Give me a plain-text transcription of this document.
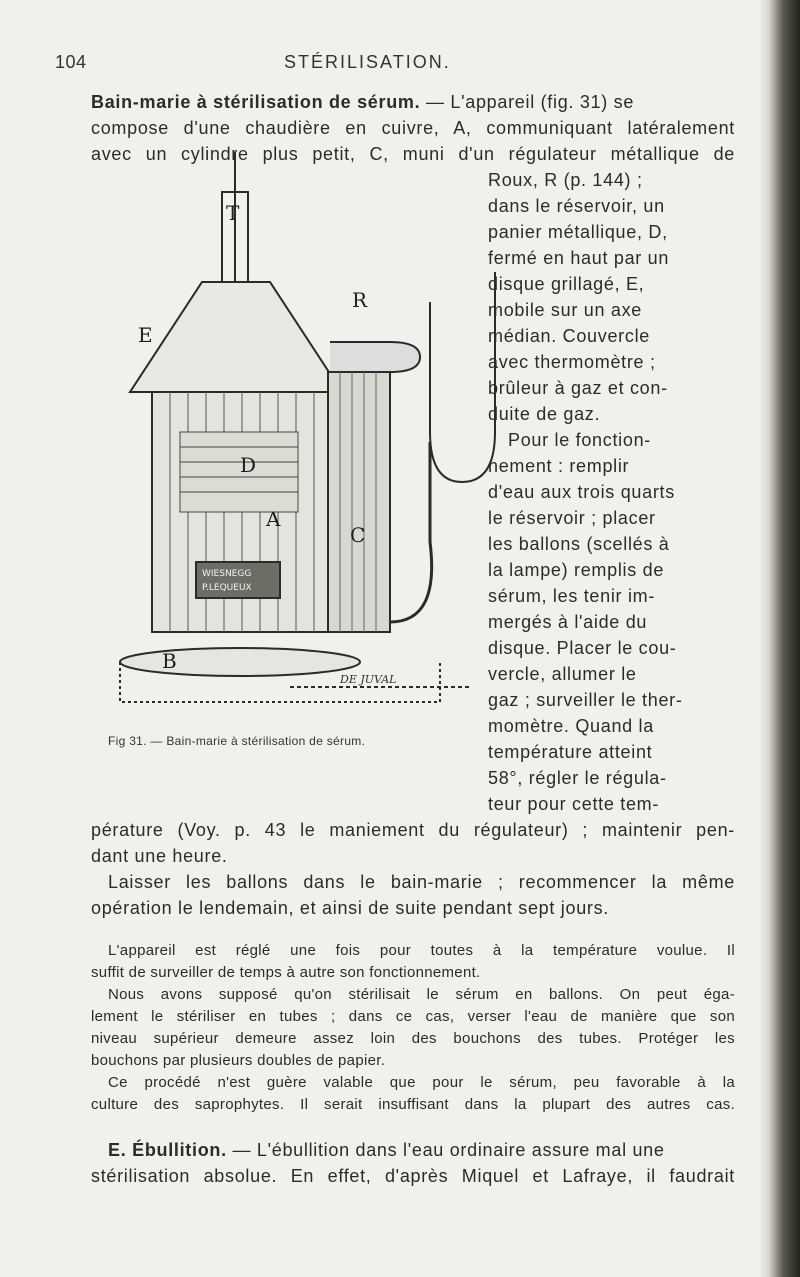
104	STÉRILISATION.
Bain-marie à stérilisation de sérum. — L'appareil (fig. 31) se
compose d'une chaudière en cuivre, A, communiquant latéralement
avec un cylindre plus petit, C, muni d'un régulateur métallique de
T
E
R
D
A
C
B
WIESNEGG
P.LEQUEUX
DE JUVAL
Fig 31. — Bain-marie à stérilisation de sérum.
Roux, R (p. 144) ;
dans le réservoir, un
panier métallique, D,
fermé en haut par un
disque grillagé, E,
mobile sur un axe
médian. Couvercle
avec thermomètre ;
brûleur à gaz et con-
duite de gaz.
Pour le fonction-
nement : remplir
d'eau aux trois quarts
le réservoir ; placer
les ballons (scellés à
la lampe) remplis de
sérum, les tenir im-
mergés à l'aide du
disque. Placer le cou-
vercle, allumer le
gaz ; surveiller le ther-
momètre. Quand la
température atteint
58°, régler le régula-
teur pour cette tem-
pérature (Voy. p. 43 le maniement du régulateur) ; maintenir pen-
dant une heure.
Laisser les ballons dans le bain-marie ; recommencer la même
opération le lendemain, et ainsi de suite pendant sept jours.
L'appareil est réglé une fois pour toutes à la température voulue. Il
suffit de surveiller de temps à autre son fonctionnement.
Nous avons supposé qu'on stérilisait le sérum en ballons. On peut éga-
lement le stériliser en tubes ; dans ce cas, verser l'eau de manière que son
niveau supérieur demeure assez loin des bouchons des tubes. Protéger les
bouchons par plusieurs doubles de papier.
Ce procédé n'est guère valable que pour le sérum, peu favorable à la
culture des saprophytes. Il serait insuffisant dans la plupart des autres cas.
E. Ébullition. — L'ébullition dans l'eau ordinaire assure mal une
stérilisation absolue. En effet, d'après Miquel et Lafraye, il faudrait
